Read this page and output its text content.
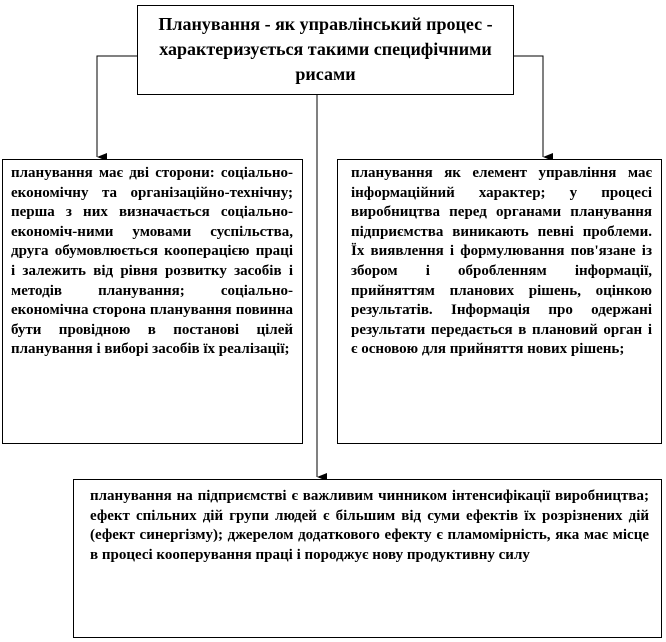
Планування - як управлінський процес - характеризується такими специфічними рисами
планування має дві сторони: соціально-економічну та організаційно-технічну; перша з них визначається соціально-економіч-ними умовами суспільства, друга обумовлюється кооперацією праці і залежить від рівня розвитку засобів і методів планування; соціально-економічна сторона планування повинна бути провідною в постанові цілей планування і виборі засобів їх реалізації;
планування як елемент управління має інформаційний характер; у процесі виробництва перед органами планування підприємства виникають певні проблеми. Їх виявлення і формулювання пов'язане із збором і обробленням інформації, прийняттям планових рішень, оцінкою результатів. Інформація про одержані результати передається в плановий орган і є основою для прийняття нових рішень;
планування на підприємстві є важливим чинником інтенсифікації виробництва; ефект спільних дій групи людей є більшим від суми ефектів їх розрізнених дій (ефект синергізму); джерелом додаткового ефекту є пламомірність, яка має місце в процесі кооперування праці і породжує нову продуктивну силу
